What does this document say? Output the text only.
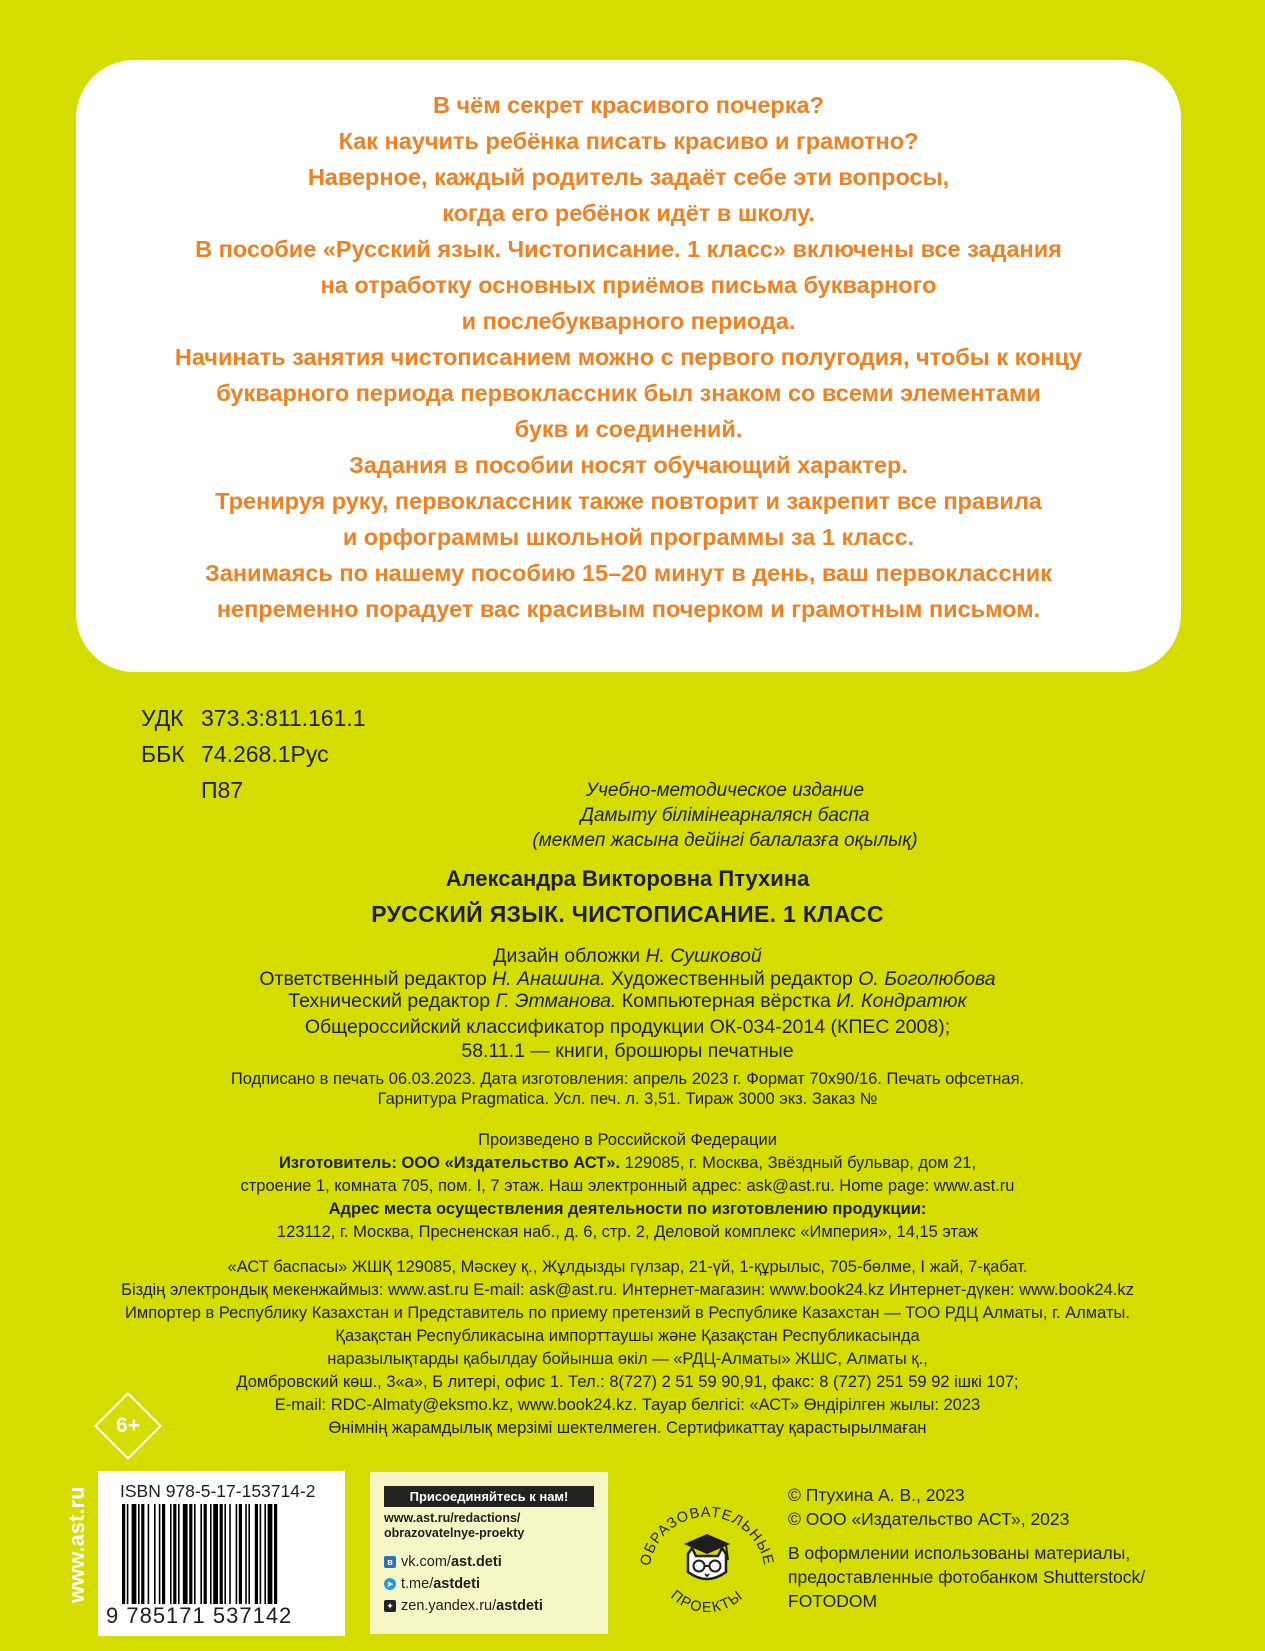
В чём секрет красивого почерка?
Как научить ребёнка писать красиво и грамотно?
Наверное, каждый родитель задаёт себе эти вопросы,
когда его ребёнок идёт в школу.
В пособие «Русский язык. Чистописание. 1 класс» включены все задания
на отработку основных приёмов письма букварного
и послебукварного периода.
Начинать занятия чистописанием можно с первого полугодия, чтобы к концу
букварного периода первоклассник был знаком со всеми элементами
букв и соединений.
Задания в пособии носят обучающий характер.
Тренируя руку, первоклассник также повторит и закрепит все правила
и орфограммы школьной программы за 1 класс.
Занимаясь по нашему пособию 15–20 минут в день, ваш первоклассник
непременно порадует вас красивым почерком и грамотным письмом.
УДК 373.3:811.161.1
ББК 74.268.1Рус
П87	Учебно-методическое издание
Дамыту білімінеарналясн баспа
(мекмеп жасына дейінгі балалазға оқылық)
Александра Викторовна Птухина
РУССКИЙ ЯЗЫК. ЧИСТОПИСАНИЕ. 1 КЛАСС
Дизайн обложки Н. Сушковой
Ответственный редактор Н. Анашина. Художественный редактор О. Боголюбова
Технический редактор Г. Этманова. Компьютерная вёрстка И. Кондратюк
Общероссийский классификатор продукции ОК-034-2014 (КПЕС 2008);
58.11.1 — книги, брошюры печатные
Подписано в печать 06.03.2023. Дата изготовления: апрель 2023 г. Формат 70x90/16. Печать офсетная.
Гарнитура Pragmatica. Усл. печ. л. 3,51. Тираж 3000 экз. Заказ №
Произведено в Российской Федерации
Изготовитель: ООО «Издательство АСТ». 129085, г. Москва, Звёздный бульвар, дом 21,
строение 1, комната 705, пом. I, 7 этаж. Наш электронный адрес: ask@ast.ru. Home page: www.ast.ru
Адрес места осуществления деятельности по изготовлению продукции:
123112, г. Москва, Пресненская наб., д. 6, стр. 2, Деловой комплекс «Империя», 14,15 этаж
«АСТ баспасы» ЖШҚ 129085, Мәскеу қ., Жұлдызды гүлзар, 21-үй, 1-құрылыс, 705-бөлме, I жай, 7-қабат.
Біздің электрондық мекенжаймыз: www.ast.ru E-mail: ask@ast.ru. Интернет-магазин: www.book24.kz Интернет-дүкен: www.book24.kz
Импортер в Республику Казахстан и Представитель по приему претензий в Республике Казахстан — ТОО РДЦ Алматы, г. Алматы.
Қазақстан Республикасына импорттаушы және Қазақстан Республикасында
наразылықтарды қабылдау бойынша өкіл — «РДЦ-Алматы» ЖШС, Алматы қ.,
Домбровский көш., 3«а», Б литері, офис 1. Тел.: 8(727) 2 51 59 90,91, факс: 8 (727) 251 59 92 ішкі 107;
E-mail: RDC-Almaty@eksmo.kz, www.book24.kz. Тауар белгісі: «АСТ» Өндірілген жылы: 2023
Өнімнің жарамдылық мерзімі шектелмеген. Сертификаттау қарастырылмаған
6+
www.ast.ru ISBN 978-5-17-153714-2
9 785171 537142
Присоединяйтесь к нам!
www.ast.ru/redactions/
obrazovatelnye-proekty
в vk.com/ ast.deti
➤ t.me/ astdeti
✦ zen.yandex.ru/ astdeti
ОБРАЗОВАТЕЛЬНЫЕ
ПРОЕКТЫ
© Птухина А. В., 2023
© ООО «Издательство АСТ», 2023
В оформлении использованы материалы,
предоставленные фотобанком Shutterstock/
FOTODOM
